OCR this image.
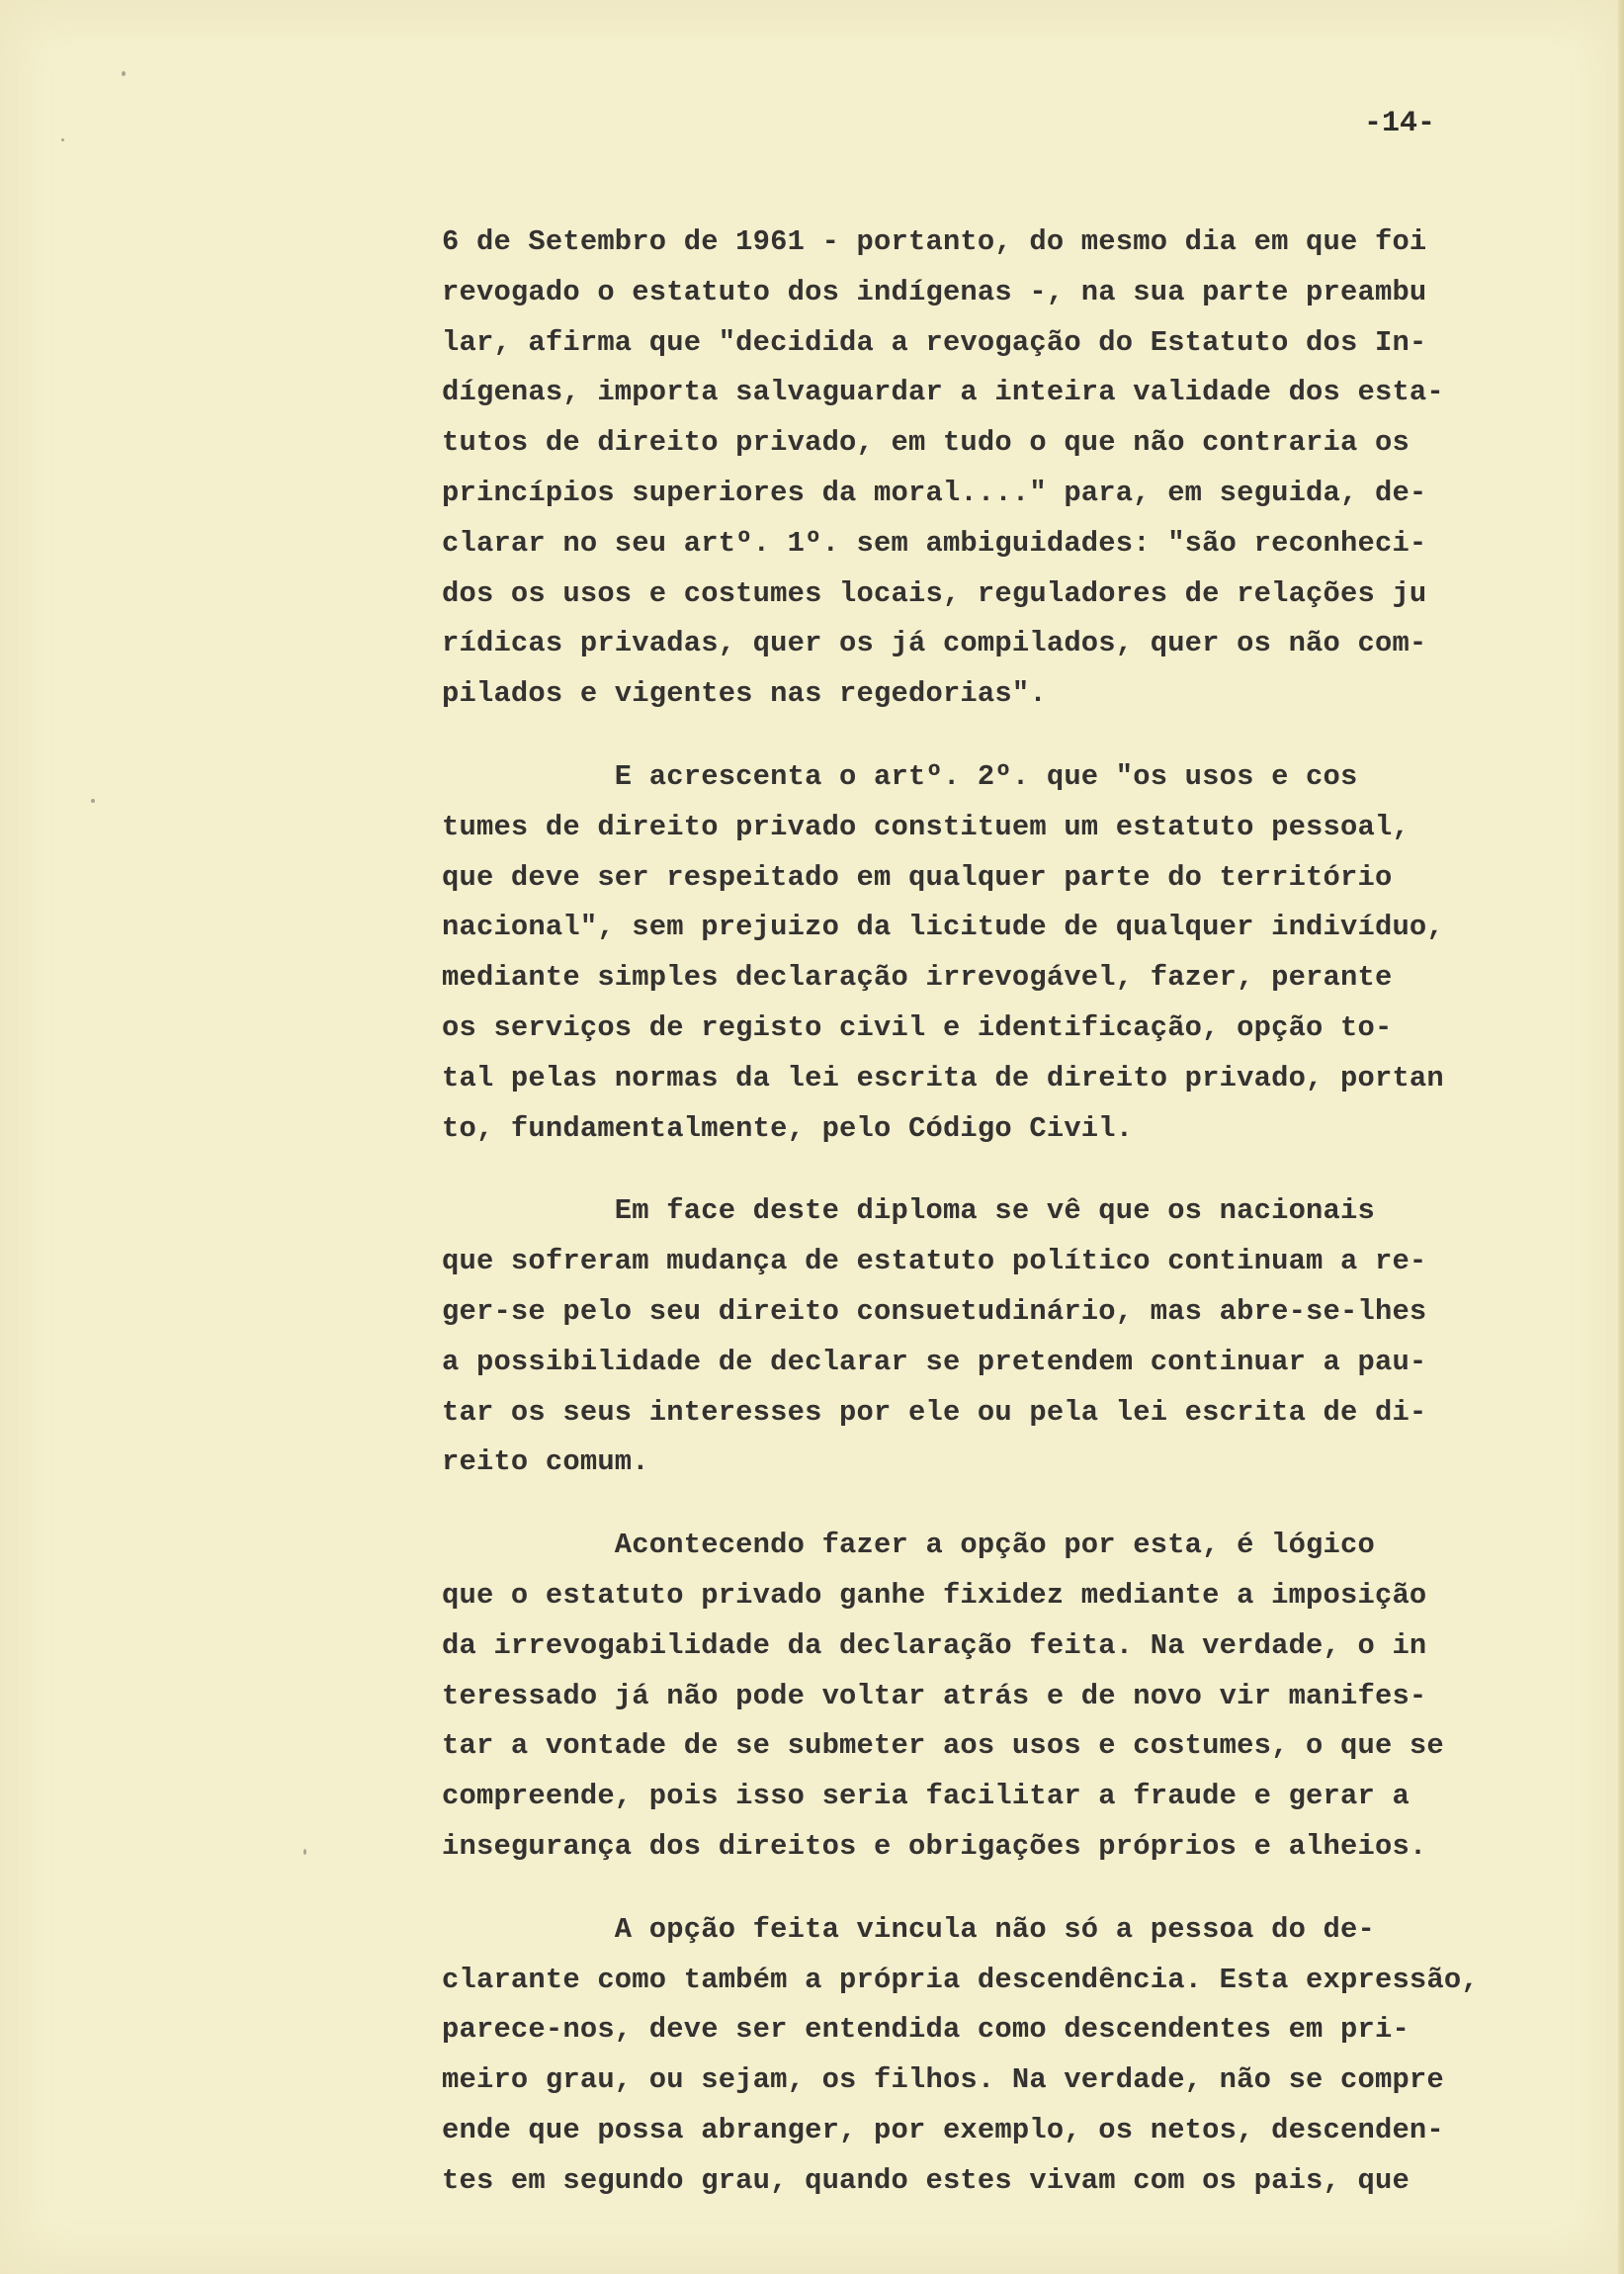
-14-

6 de Setembro de 1961 - portanto, do mesmo dia em que foi
revogado o estatuto dos indígenas -, na sua parte preambu
lar, afirma que "decidida a revogação do Estatuto dos In-
dígenas, importa salvaguardar a inteira validade dos esta-
tutos de direito privado, em tudo o que não contraria os
princípios superiores da moral...." para, em seguida, de-
clarar no seu artº. 1º. sem ambiguidades: "são reconheci-
dos os usos e costumes locais, reguladores de relações ju
rídicas privadas, quer os já compilados, quer os não com-
pilados e vigentes nas regedorias".

E acrescenta o artº. 2º. que "os usos e cos
tumes de direito privado constituem um estatuto pessoal,
que deve ser respeitado em qualquer parte do território
nacional", sem prejuizo da licitude de qualquer indivíduo,
mediante simples declaração irrevogável, fazer, perante
os serviços de registo civil e identificação, opção to-
tal pelas normas da lei escrita de direito privado, portan
to, fundamentalmente, pelo Código Civil.

Em face deste diploma se vê que os nacionais
que sofreram mudança de estatuto político continuam a re-
ger-se pelo seu direito consuetudinário, mas abre-se-lhes
a possibilidade de declarar se pretendem continuar a pau-
tar os seus interesses por ele ou pela lei escrita de di-
reito comum.

Acontecendo fazer a opção por esta, é lógico
que o estatuto privado ganhe fixidez mediante a imposição
da irrevogabilidade da declaração feita. Na verdade, o in
teressado já não pode voltar atrás e de novo vir manifes-
tar a vontade de se submeter aos usos e costumes, o que se
compreende, pois isso seria facilitar a fraude e gerar a
insegurança dos direitos e obrigações próprios e alheios.

A opção feita vincula não só a pessoa do de-
clarante como também a própria descendência. Esta expressão,
parece-nos, deve ser entendida como descendentes em pri-
meiro grau, ou sejam, os filhos. Na verdade, não se compre
ende que possa abranger, por exemplo, os netos, descenden-
tes em segundo grau, quando estes vivam com os pais, que
